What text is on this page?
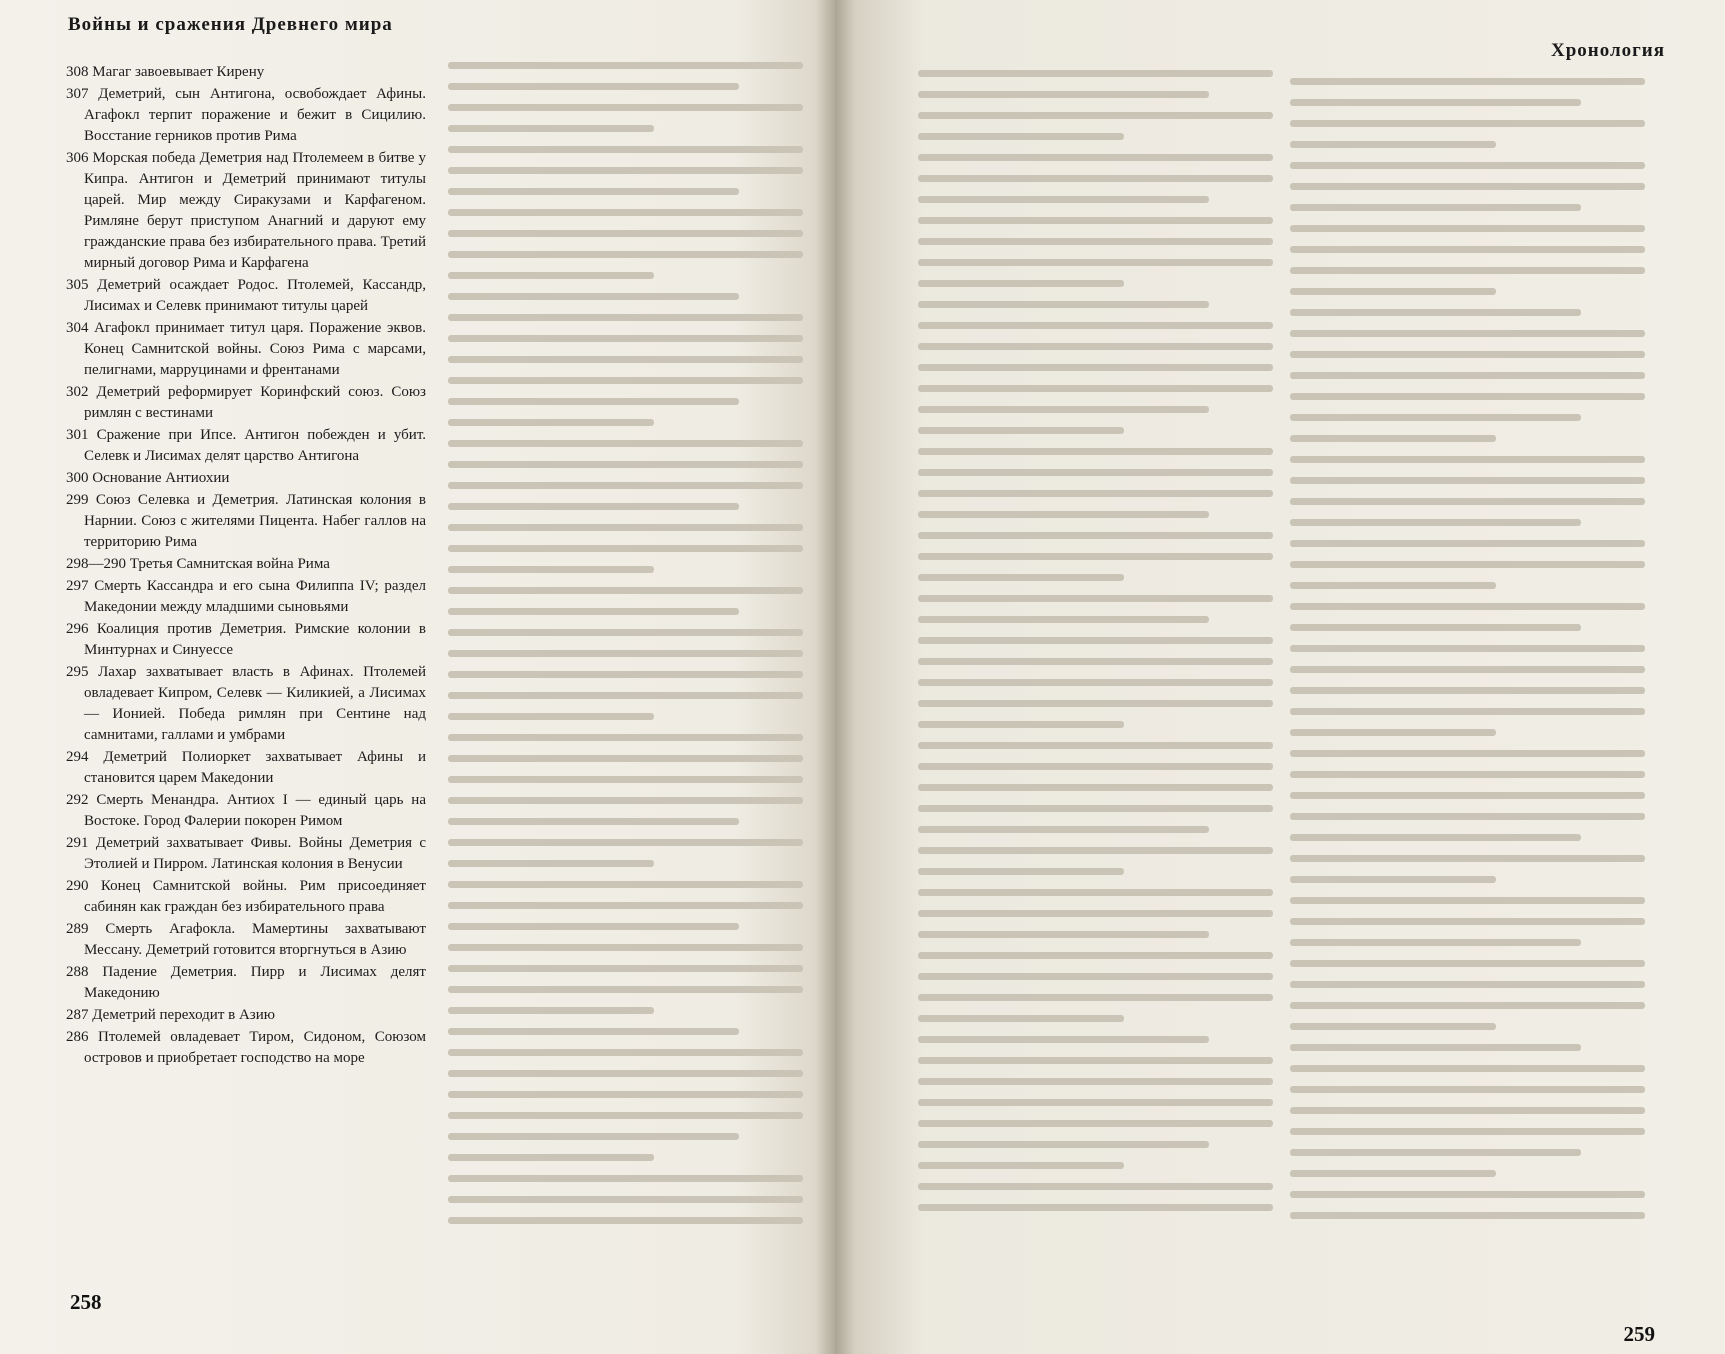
Войны и сражения Древнего мира
308 Магаг завоевывает Кирену
307 Деметрий, сын Антигона, освобождает Афины. Агафокл терпит поражение и бежит в Сицилию. Восстание герников против Рима
306 Морская победа Деметрия над Птолемеем в битве у Кипра. Антигон и Деметрий принимают титулы царей. Мир между Сиракузами и Карфагеном. Римляне берут приступом Анагний и даруют ему гражданские права без избирательного права. Третий мирный договор Рима и Карфагена
305 Деметрий осаждает Родос. Птолемей, Кассандр, Лисимах и Селевк принимают титулы царей
304 Агафокл принимает титул царя. Поражение эквов. Конец Самнитской войны. Союз Рима с марсами, пелигнами, марруцинами и френтанами
302 Деметрий реформирует Коринфский союз. Союз римлян с вестинами
301 Сражение при Ипсе. Антигон побежден и убит. Селевк и Лисимах делят царство Антигона
300 Основание Антиохии
299 Союз Селевка и Деметрия. Латинская колония в Нарнии. Союз с жителями Пицента. Набег галлов на территорию Рима
298—290 Третья Самнитская война Рима
297 Смерть Кассандра и его сына Филиппа IV; раздел Македонии между младшими сыновьями
296 Коалиция против Деметрия. Римские колонии в Минтурнах и Синуессе
295 Лахар захватывает власть в Афинах. Птолемей овладевает Кипром, Селевк — Киликией, а Лисимах — Ионией. Победа римлян при Сентине над самнитами, галлами и умбрами
294 Деметрий Полиоркет захватывает Афины и становится царем Македонии
292 Смерть Менандра. Антиох I — единый царь на Востоке. Город Фалерии покорен Римом
291 Деметрий захватывает Фивы. Войны Деметрия с Этолией и Пирром. Латинская колония в Венусии
290 Конец Самнитской войны. Рим присоединяет сабинян как граждан без избирательного права
289 Смерть Агафокла. Мамертины захватывают Мессану. Деметрий готовится вторгнуться в Азию
288 Падение Деметрия. Пирр и Лисимах делят Македонию
287 Деметрий переходит в Азию
286 Птолемей овладевает Тиром, Сидоном, Союзом островов и приобретает господство на море
258
Хронология
259
